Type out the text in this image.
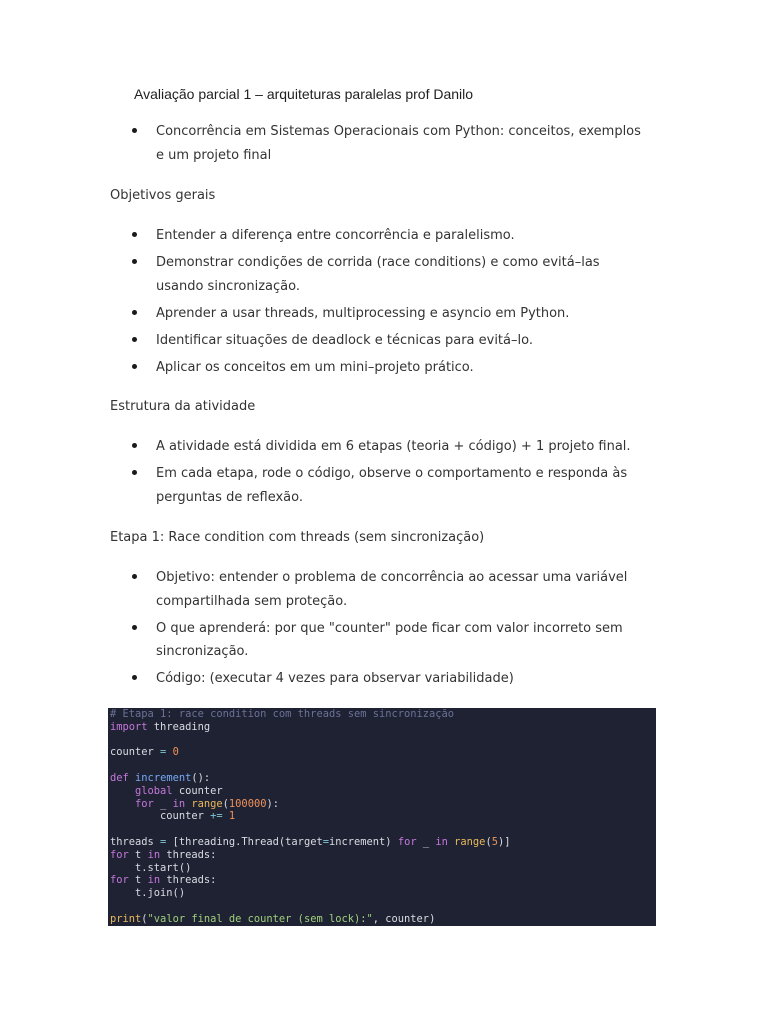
Avaliação parcial 1 – arquiteturas paralelas prof Danilo
Concorrência em Sistemas Operacionais com Python: conceitos, exemplos e um projeto final
Objetivos gerais
Entender a diferença entre concorrência e paralelismo.
Demonstrar condições de corrida (race conditions) e como evitá–las usando sincronização.
Aprender a usar threads, multiprocessing e asyncio em Python.
Identificar situações de deadlock e técnicas para evitá–lo.
Aplicar os conceitos em um mini–projeto prático.
Estrutura da atividade
A atividade está dividida em 6 etapas (teoria + código) + 1 projeto final.
Em cada etapa, rode o código, observe o comportamento e responda às perguntas de reflexão.
Etapa 1: Race condition com threads (sem sincronização)
Objetivo: entender o problema de concorrência ao acessar uma variável compartilhada sem proteção.
O que aprenderá: por que "counter" pode ficar com valor incorreto sem sincronização.
Código: (executar 4 vezes para observar variabilidade)
# Etapa 1: race condition com threads sem sincronização
import threading

counter = 0

def increment():
global counter
for _ in range(100000):
counter += 1

threads = [threading.Thread(target=increment) for _ in range(5)]
for t in threads:
t.start()
for t in threads:
t.join()

print("valor final de counter (sem lock):", counter)
